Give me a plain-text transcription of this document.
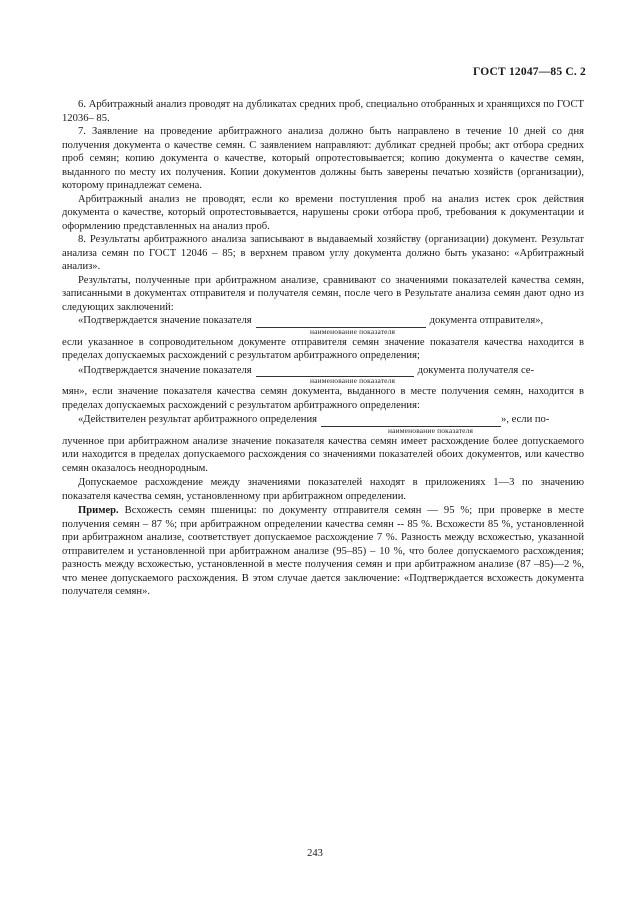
ГОСТ 12047—85 С. 2

6. Арбитражный анализ проводят на дубликатах средних проб, специально отобранных и хранящихся по ГОСТ 12036– 85.

7. Заявление на проведение арбитражного анализа должно быть направлено в течение 10 дней со дня получения документа о качестве семян. С заявлением направляют: дубликат средней пробы; акт отбора средних проб семян; копию документа о качестве, который опротестовывается; копию документа о качестве семян, выданного по месту их получения. Копии документов должны быть заверены печатью хозяйств (организации), которому принадлежат семена.

Арбитражный анализ не проводят, если ко времени поступления проб на анализ истек срок действия документа о качестве, который опротестовывается, нарушены сроки отбора проб, требования к документации и оформлению представленных на анализ проб.

8. Результаты арбитражного анализа записывают в выдаваемый хозяйству (организации) документ. Результат анализа семян по ГОСТ 12046 – 85; в верхнем правом углу документа должно быть указано: «Арбитражный анализ».

Результаты, полученные при арбитражном анализе, сравнивают со значениями показателей качества семян, записанными в документах отправителя и получателя семян, после чего в Результате анализа семян дают одно из следующих заключений:

«Подтверждается значение показателя	документа отправителя»,
наименование показателя

если указанное в сопроводительном документе отправителя семян значение показателя качества находится в пределах допускаемых расхождений с результатом арбитражного определения;

«Подтверждается значение показателя	документа получателя се-
наименование показателя

мян», если значение показателя качества семян документа, выданного в месте получения семян, находится в пределах допускаемых расхождений с результатом арбитражного определения:

«Действителен результат арбитражного определения	», если по-
наименование показателя

лученное при арбитражном анализе значение показателя качества семян имеет расхождение более допускаемого или находится в пределах допускаемого расхождения со значениями показателей обоих документов, или качество семян оказалось неоднородным.

Допускаемое расхождение между значениями показателей находят в приложениях 1—3 по значению показателя качества семян, установленному при арбитражном определении.

Пример. Всхожесть семян пшеницы: по документу отправителя семян — 95 %; при проверке в месте получения семян – 87 %; при арбитражном определении качества семян -- 85 %. Всхожести 85 %, установленной при арбитражном анализе, соответствует допускаемое расхождение 7 %. Разность между всхожестью, указанной отправителем и установленной при арбитражном анализе (95–85) – 10 %, что более допускаемого расхождения; разность между всхожестью, установленной в месте получения семян и при арбитражном анализе (87 –85)—2 %, что менее допускаемого расхождения. В этом случае дается заключение: «Подтверждается всхожесть документа получателя семян».

243
